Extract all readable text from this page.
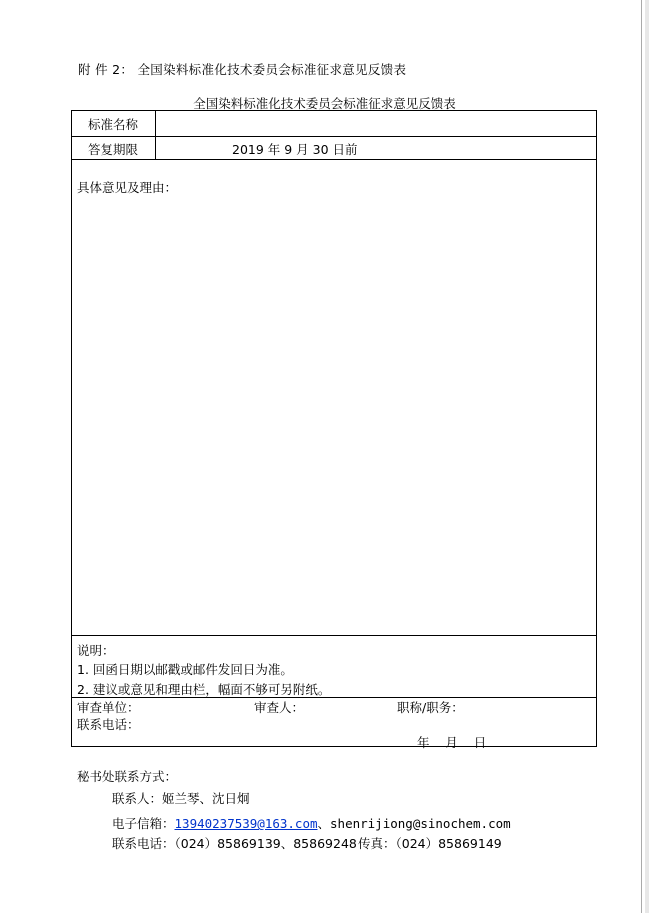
附 件 2： 全国染料标准化技术委员会标准征求意见反馈表
全国染料标准化技术委员会标准征求意见反馈表
标准名称
答复期限	2019 年 9 月 30 日前
具体意见及理由：
说明：
1. 回函日期以邮戳或邮件发回日为准。
2. 建议或意见和理由栏，幅面不够可另附纸。
审查单位：	审查人：	职称/职务：
联系电话：
年    月    日
秘书处联系方式：
联系人：姬兰琴、沈日炯
电子信箱：13940237539@163.com、shenrijiong@sinochem.com
联系电话：（024）85869139、85869248 传真：（024）85869149
